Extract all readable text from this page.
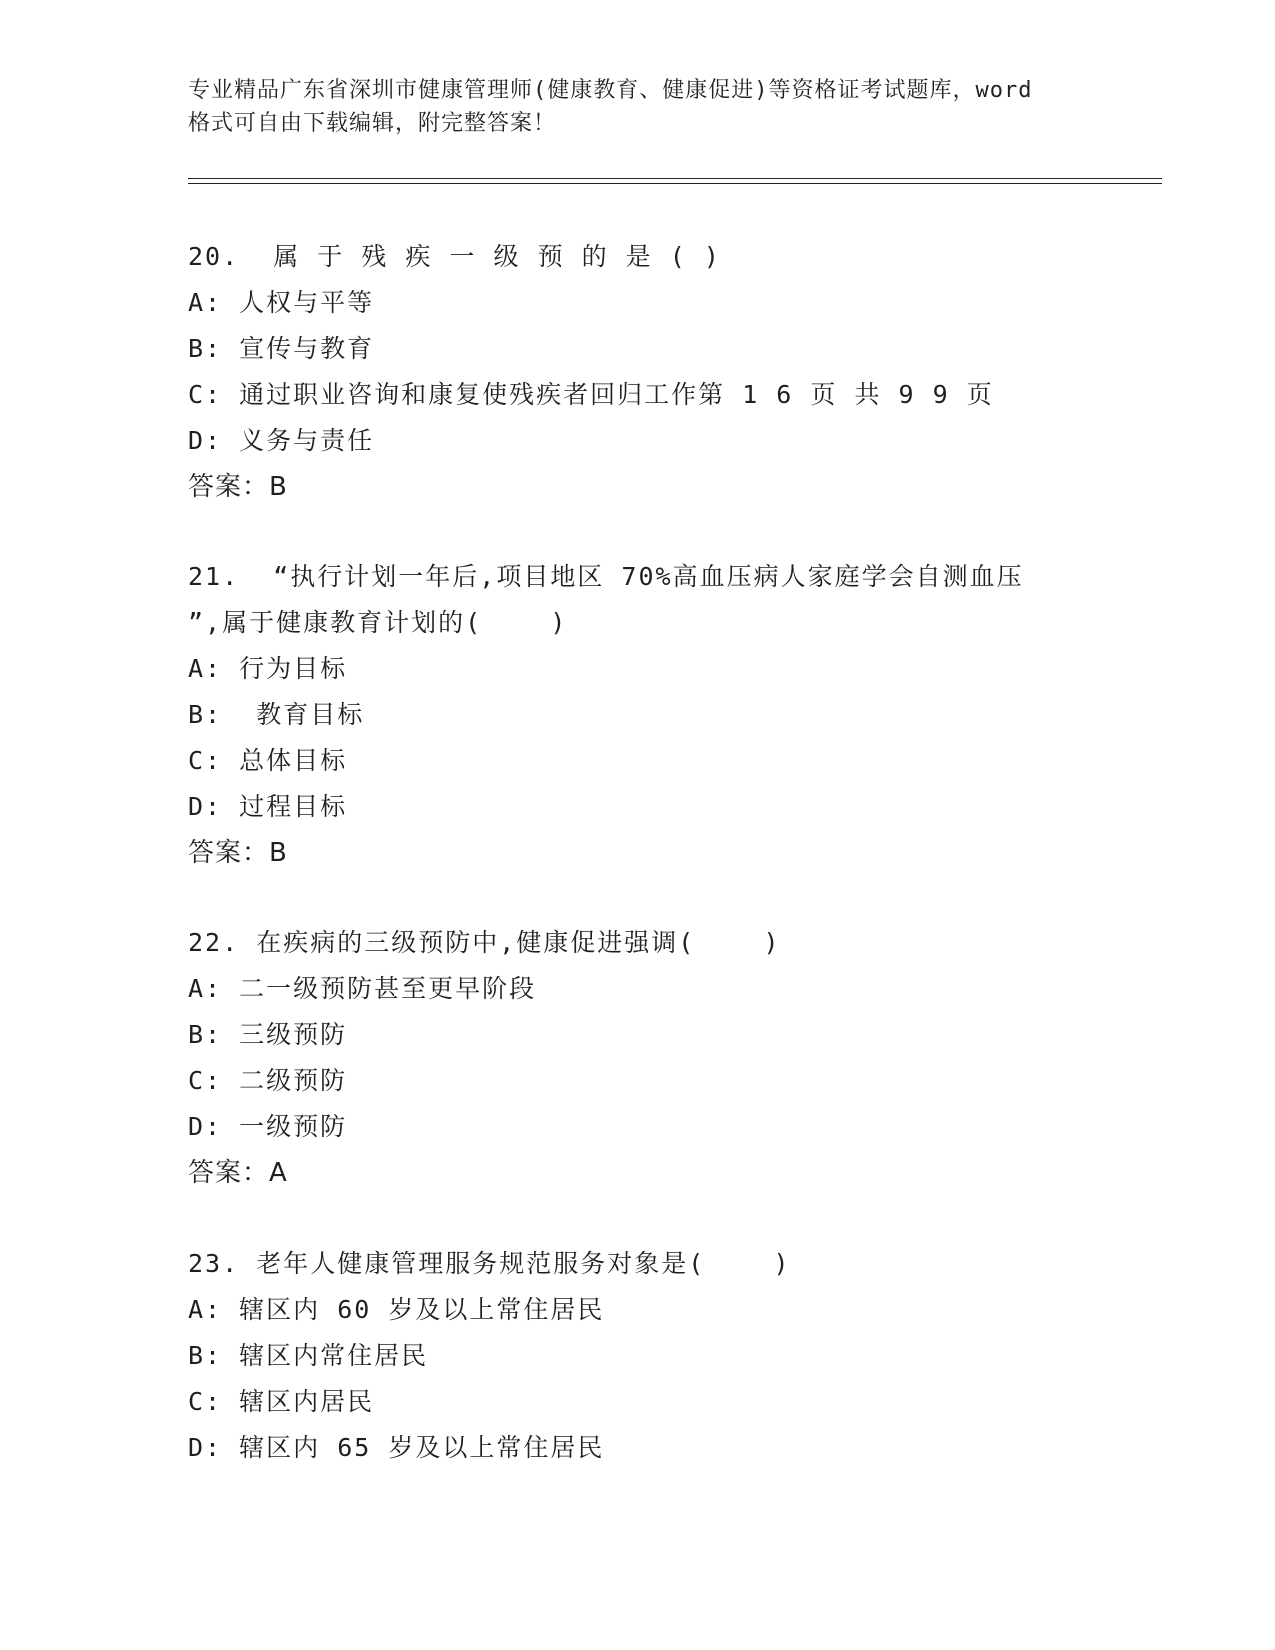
专业精品广东省深圳市健康管理师(健康教育、健康促进)等资格证考试题库，word
格式可自由下载编辑，附完整答案！
20.  属 于 残 疾 一 级 预 的 是 ( )
A: 人权与平等
B: 宣传与教育
C: 通过职业咨询和康复使残疾者回归工作第 1 6 页 共 9 9 页
D: 义务与责任
答案：B
21.  “执行计划一年后,项目地区 70%高血压病人家庭学会自测血压
”,属于健康教育计划的(    )
A: 行为目标
B:  教育目标
C: 总体目标
D: 过程目标
答案：B
22. 在疾病的三级预防中,健康促进强调(    )
A: 二一级预防甚至更早阶段
B: 三级预防
C: 二级预防
D: 一级预防
答案：A
23. 老年人健康管理服务规范服务对象是(    )
A: 辖区内 60 岁及以上常住居民
B: 辖区内常住居民
C: 辖区内居民
D: 辖区内 65 岁及以上常住居民
